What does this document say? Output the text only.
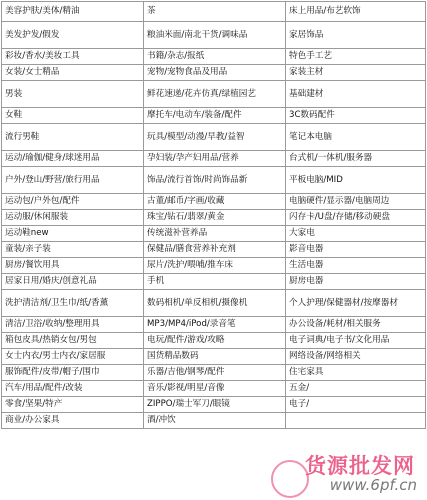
美容护肤/美体/精油	茶	床上用品/布艺软饰
美发护发/假发	粮油米面/南北干货/调味品	家居饰品
彩妆/香水/美妆工具	书籍/杂志/报纸	特色手工艺
女装/女士精品	宠物/宠物食品及用品	家装主材
男装	鲜花速递/花卉仿真/绿植园艺	基础建材
女鞋	摩托车/电动车/装备/配件	3C数码配件
流行男鞋	玩具/模型/动漫/早教/益智	笔记本电脑
运动/瑜伽/健身/球迷用品	孕妇装/孕产妇用品/营养	台式机/一体机/服务器
户外/登山/野营/旅行用品	饰品/流行首饰/时尚饰品新	平板电脑/MID
运动包/户外包/配件	古董/邮币/字画/收藏	电脑硬件/显示器/电脑周边
运动服/休闲服装	珠宝/钻石/翡翠/黄金	闪存卡/U盘/存储/移动硬盘
运动鞋new	传统滋补营养品	大家电
童装/亲子装	保健品/膳食营养补充剂	影音电器
厨房/餐饮用具	尿片/洗护/喂哺/推车床	生活电器
居家日用/婚庆/创意礼品	手机	厨房电器
洗护清洁剂/卫生巾/纸/香薰	数码相机/单反相机/摄像机	个人护理/保健器材/按摩器材
清洁/卫浴/收纳/整理用具	MP3/MP4/iPod/录音笔	办公设备/耗材/相关服务
箱包皮具/热销女包/男包	电玩/配件/游戏/攻略	电子词典/电子书/文化用品
女士内衣/男士内衣/家居服	国货精品数码	网络设备/网络相关
服饰配件/皮带/帽子/围巾	乐器/吉他/钢琴/配件	住宅家具
汽车/用品/配件/改装	音乐/影视/明星/音像	五金/
零食/坚果/特产	ZIPPO/瑞士军刀/眼镜	电子/
商业/办公家具	酒/冲饮	
货源批发网
www.6pf.cn
